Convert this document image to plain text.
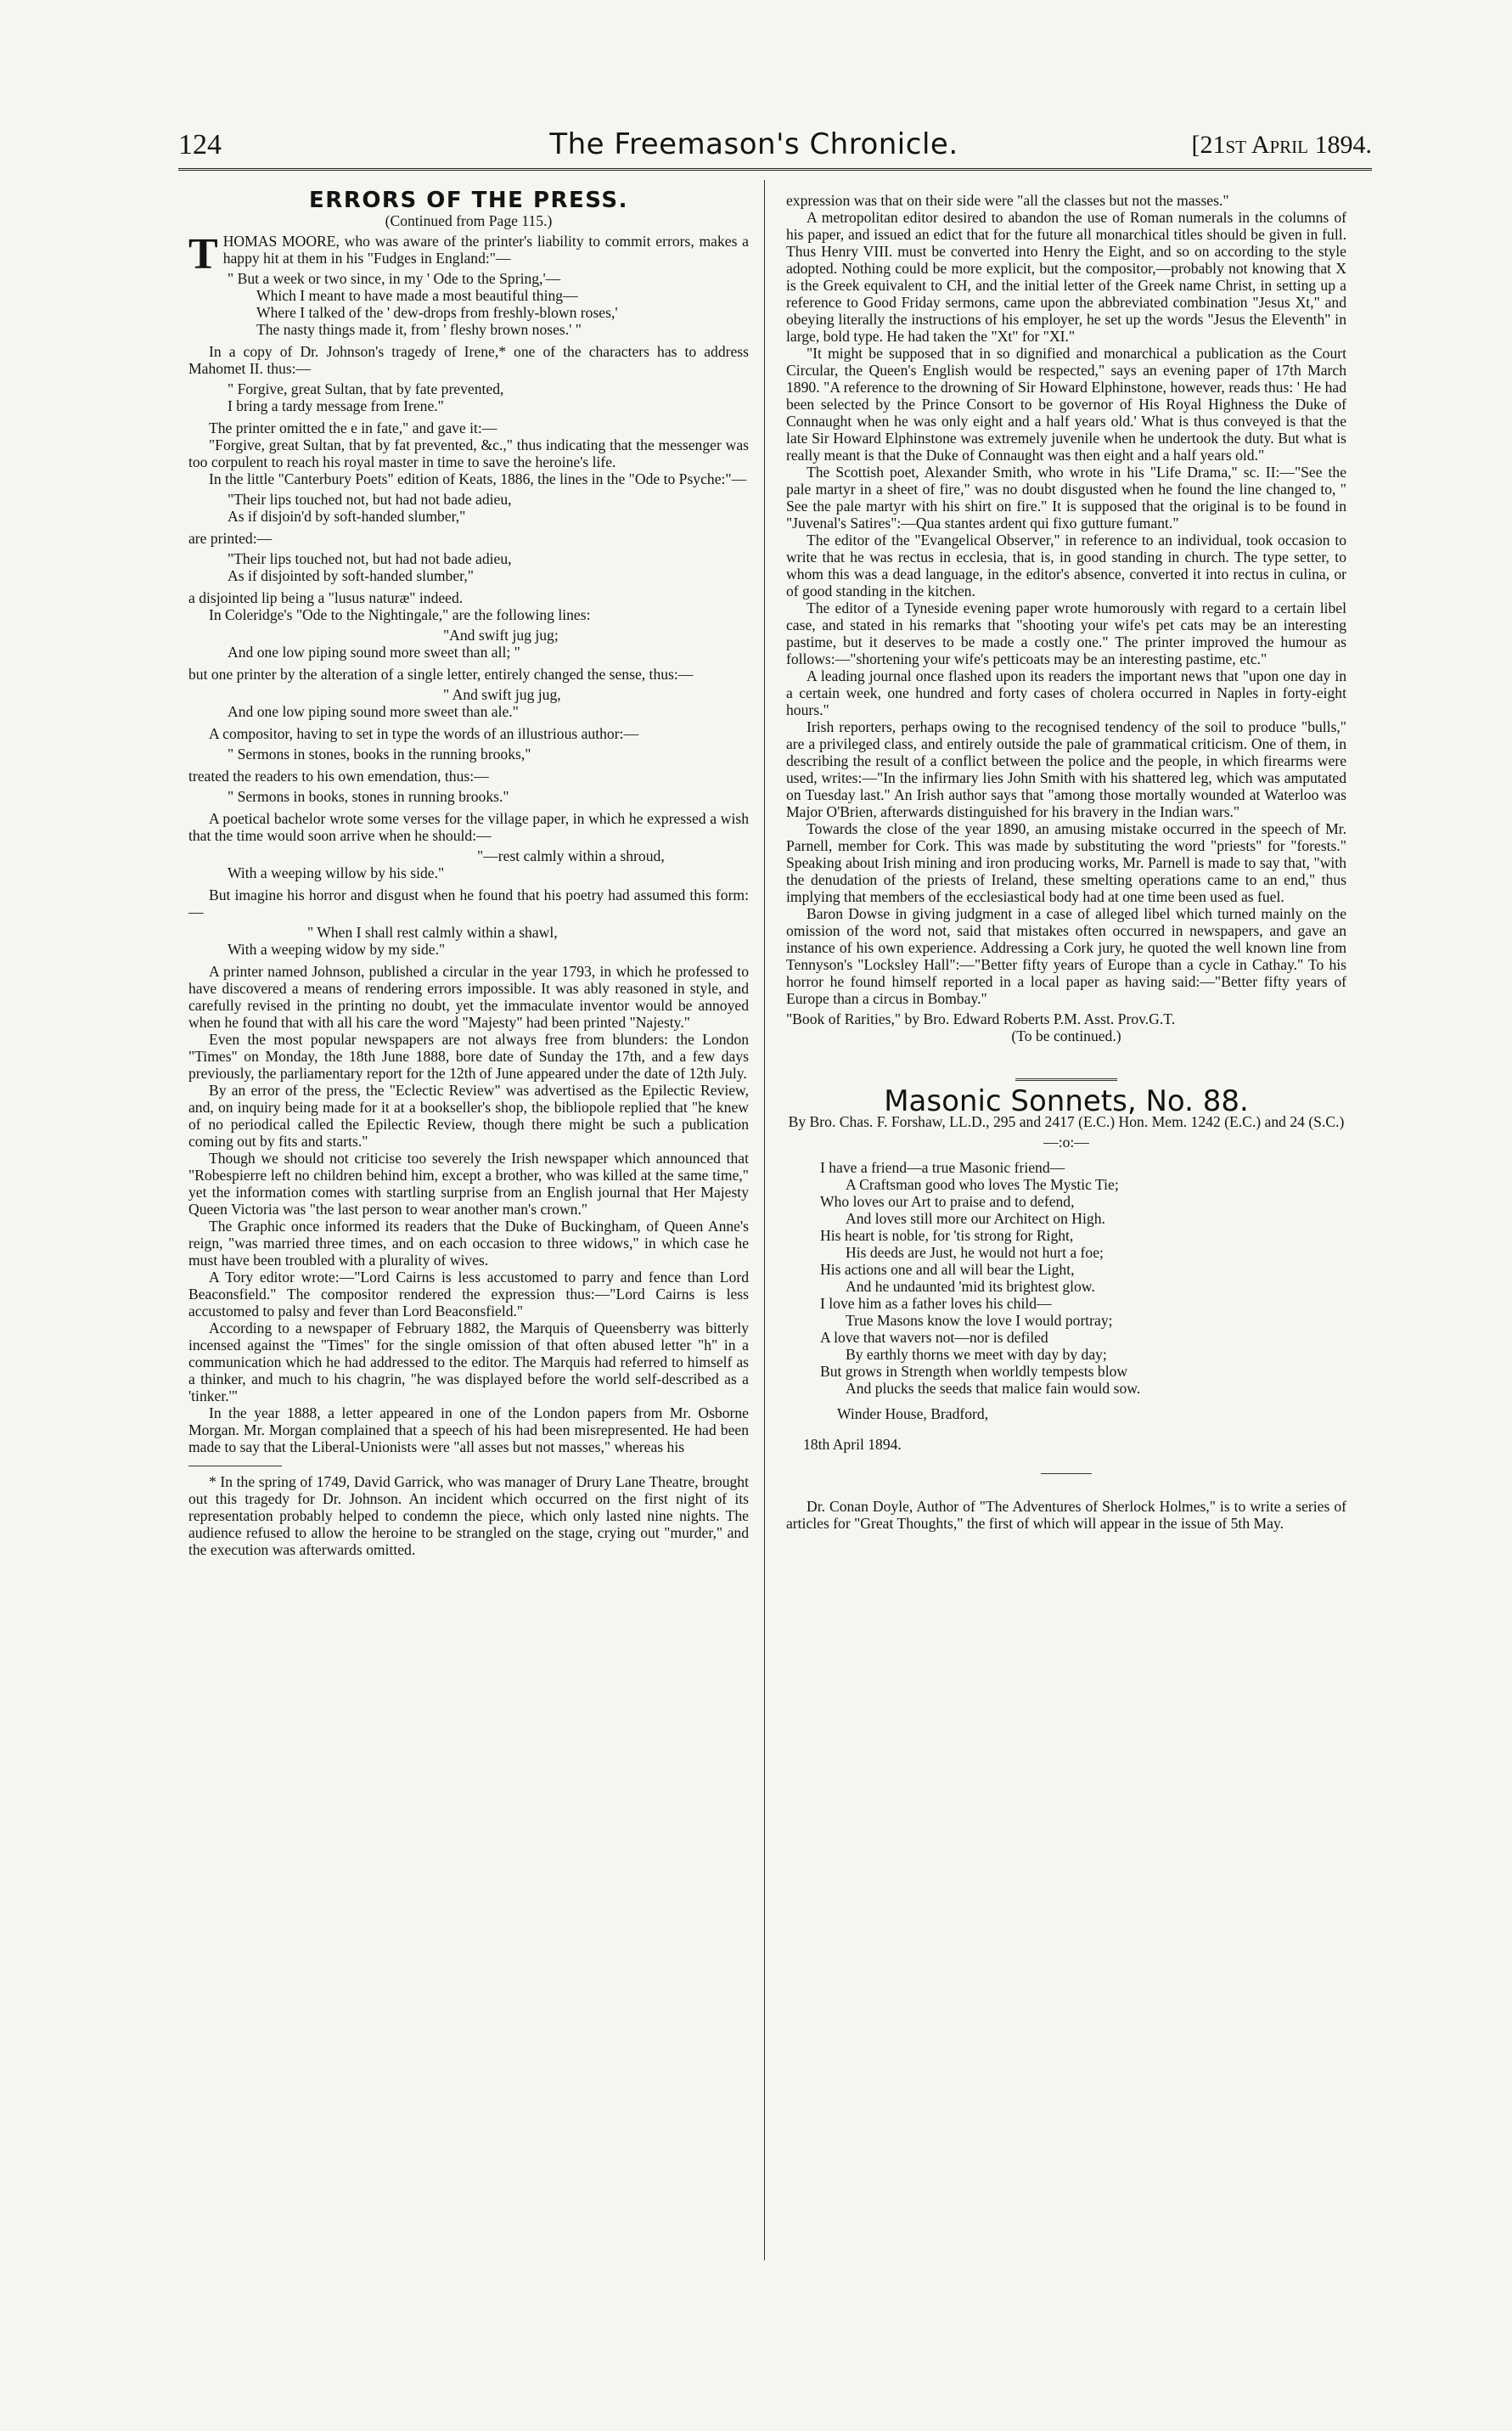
124	The Freemason's Chronicle.	[21st April 1894.
ERRORS OF THE PRESS.
(Continued from Page 115.)

THOMAS MOORE, who was aware of the printer's liability to commit errors, makes a happy hit at them in his "Fudges in England:"—

" But a week or two since, in my ' Ode to the Spring,'—
Which I meant to have made a most beautiful thing—
Where I talked of the ' dew-drops from freshly-blown roses,'
The nasty things made it, from ' fleshy brown noses.' "

In a copy of Dr. Johnson's tragedy of Irene,* one of the characters has to address Mahomet II. thus:—

" Forgive, great Sultan, that by fate prevented,
I bring a tardy message from Irene."

The printer omitted the e in fate," and gave it:—

"Forgive, great Sultan, that by fat prevented, &c.," thus indicating that the messenger was too corpulent to reach his royal master in time to save the heroine's life.

In the little "Canterbury Poets" edition of Keats, 1886, the lines in the "Ode to Psyche:"—

"Their lips touched not, but had not bade adieu,
As if disjoin'd by soft-handed slumber,"

are printed:—

"Their lips touched not, but had not bade adieu,
As if disjointed by soft-handed slumber,"

a disjointed lip being a "lusus naturæ" indeed.

In Coleridge's "Ode to the Nightingale," are the following lines:

"And swift jug jug;
And one low piping sound more sweet than all; "

but one printer by the alteration of a single letter, entirely changed the sense, thus:—

" And swift jug jug,
And one low piping sound more sweet than ale."

A compositor, having to set in type the words of an illustrious author:—

" Sermons in stones, books in the running brooks,"

treated the readers to his own emendation, thus:—

" Sermons in books, stones in running brooks."

A poetical bachelor wrote some verses for the village paper, in which he expressed a wish that the time would soon arrive when he should:—

"—rest calmly within a shroud,
With a weeping willow by his side."

But imagine his horror and disgust when he found that his poetry had assumed this form:—

" When I shall rest calmly within a shawl,
With a weeping widow by my side."

A printer named Johnson, published a circular in the year 1793, in which he professed to have discovered a means of rendering errors impossible. It was ably reasoned in style, and carefully revised in the printing no doubt, yet the immaculate inventor would be annoyed when he found that with all his care the word "Majesty" had been printed "Najesty."

Even the most popular newspapers are not always free from blunders: the London "Times" on Monday, the 18th June 1888, bore date of Sunday the 17th, and a few days previously, the parliamentary report for the 12th of June appeared under the date of 12th July.

By an error of the press, the "Eclectic Review" was advertised as the Epilectic Review, and, on inquiry being made for it at a bookseller's shop, the bibliopole replied that "he knew of no periodical called the Epilectic Review, though there might be such a publication coming out by fits and starts."

Though we should not criticise too severely the Irish newspaper which announced that "Robespierre left no children behind him, except a brother, who was killed at the same time," yet the information comes with startling surprise from an English journal that Her Majesty Queen Victoria was "the last person to wear another man's crown."

The Graphic once informed its readers that the Duke of Buckingham, of Queen Anne's reign, "was married three times, and on each occasion to three widows," in which case he must have been troubled with a plurality of wives.

A Tory editor wrote:—"Lord Cairns is less accustomed to parry and fence than Lord Beaconsfield." The compositor rendered the expression thus:—"Lord Cairns is less accustomed to palsy and fever than Lord Beaconsfield."

According to a newspaper of February 1882, the Marquis of Queensberry was bitterly incensed against the "Times" for the single omission of that often abused letter "h" in a communication which he had addressed to the editor. The Marquis had referred to himself as a thinker, and much to his chagrin, "he was displayed before the world self-described as a 'tinker.'"

In the year 1888, a letter appeared in one of the London papers from Mr. Osborne Morgan. Mr. Morgan complained that a speech of his had been misrepresented. He had been made to say that the Liberal-Unionists were "all asses but not masses," whereas his

* In the spring of 1749, David Garrick, who was manager of Drury Lane Theatre, brought out this tragedy for Dr. Johnson. An incident which occurred on the first night of its representation probably helped to condemn the piece, which only lasted nine nights. The audience refused to allow the heroine to be strangled on the stage, crying out "murder," and the execution was afterwards omitted.

expression was that on their side were "all the classes but not the masses."

A metropolitan editor desired to abandon the use of Roman numerals in the columns of his paper, and issued an edict that for the future all monarchical titles should be given in full. Thus Henry VIII. must be converted into Henry the Eight, and so on according to the style adopted. Nothing could be more explicit, but the compositor,—probably not knowing that X is the Greek equivalent to CH, and the initial letter of the Greek name Christ, in setting up a reference to Good Friday sermons, came upon the abbreviated combination "Jesus Xt," and obeying literally the instructions of his employer, he set up the words "Jesus the Eleventh" in large, bold type. He had taken the "Xt" for "XI."

"It might be supposed that in so dignified and monarchical a publication as the Court Circular, the Queen's English would be respected," says an evening paper of 17th March 1890. "A reference to the drowning of Sir Howard Elphinstone, however, reads thus: ' He had been selected by the Prince Consort to be governor of His Royal Highness the Duke of Connaught when he was only eight and a half years old.' What is thus conveyed is that the late Sir Howard Elphinstone was extremely juvenile when he undertook the duty. But what is really meant is that the Duke of Connaught was then eight and a half years old."

The Scottish poet, Alexander Smith, who wrote in his "Life Drama," sc. II:—"See the pale martyr in a sheet of fire," was no doubt disgusted when he found the line changed to, " See the pale martyr with his shirt on fire." It is supposed that the original is to be found in "Juvenal's Satires":—Qua stantes ardent qui fixo gutture fumant."

The editor of the "Evangelical Observer," in reference to an individual, took occasion to write that he was rectus in ecclesia, that is, in good standing in church. The type setter, to whom this was a dead language, in the editor's absence, converted it into rectus in culina, or of good standing in the kitchen.

The editor of a Tyneside evening paper wrote humorously with regard to a certain libel case, and stated in his remarks that "shooting your wife's pet cats may be an interesting pastime, but it deserves to be made a costly one." The printer improved the humour as follows:—"shortening your wife's petticoats may be an interesting pastime, etc."

A leading journal once flashed upon its readers the important news that "upon one day in a certain week, one hundred and forty cases of cholera occurred in Naples in forty-eight hours."

Irish reporters, perhaps owing to the recognised tendency of the soil to produce "bulls," are a privileged class, and entirely outside the pale of grammatical criticism. One of them, in describing the result of a conflict between the police and the people, in which firearms were used, writes:—"In the infirmary lies John Smith with his shattered leg, which was amputated on Tuesday last." An Irish author says that "among those mortally wounded at Waterloo was Major O'Brien, afterwards distinguished for his bravery in the Indian wars."

Towards the close of the year 1890, an amusing mistake occurred in the speech of Mr. Parnell, member for Cork. This was made by substituting the word "priests" for "forests." Speaking about Irish mining and iron producing works, Mr. Parnell is made to say that, "with the denudation of the priests of Ireland, these smelting operations came to an end," thus implying that members of the ecclesiastical body had at one time been used as fuel.

Baron Dowse in giving judgment in a case of alleged libel which turned mainly on the omission of the word not, said that mistakes often occurred in newspapers, and gave an instance of his own experience. Addressing a Cork jury, he quoted the well known line from Tennyson's "Locksley Hall":—"Better fifty years of Europe than a cycle in Cathay." To his horror he found himself reported in a local paper as having said:—"Better fifty years of Europe than a circus in Bombay."

"Book of Rarities," by Bro. Edward Roberts P.M. Asst. Prov.G.T.

(To be continued.)

Masonic Sonnets, No. 88.
By Bro. Chas. F. Forshaw, LL.D., 295 and 2417 (E.C.) Hon. Mem. 1242 (E.C.) and 24 (S.C.)
—:o:—
I have a friend—a true Masonic friend—
A Craftsman good who loves The Mystic Tie;
Who loves our Art to praise and to defend,
And loves still more our Architect on High.
His heart is noble, for 'tis strong for Right,
His deeds are Just, he would not hurt a foe;
His actions one and all will bear the Light,
And he undaunted 'mid its brightest glow.
I love him as a father loves his child—
True Masons know the love I would portray;
A love that wavers not—nor is defiled
By earthly thorns we meet with day by day;
But grows in Strength when worldly tempests blow
And plucks the seeds that malice fain would sow.
Winder House, Bradford,
18th April 1894.

Dr. Conan Doyle, Author of "The Adventures of Sherlock Holmes," is to write a series of articles for "Great Thoughts," the first of which will appear in the issue of 5th May.
